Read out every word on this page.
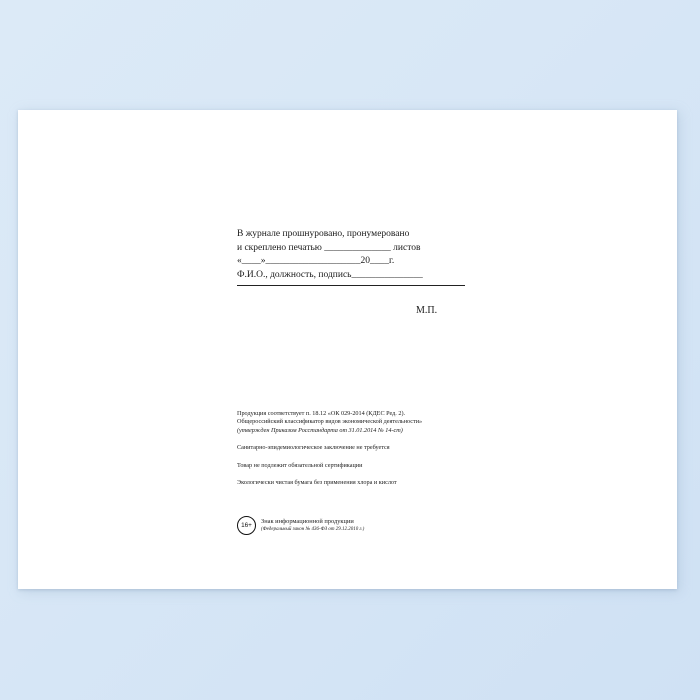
В журнале прошнуровано, пронумеровано
и скреплено печатью ______________ листов
«____»____________________20____г.
Ф.И.О., должность, подпись_______________
М.П.

Продукция соответствует п. 18.12 «ОК 029-2014 (КДЕС Ред. 2).
Общероссийский классификатор видов экономической деятельности»
(утвержден Приказом Росстандарта от 31.01.2014 № 14-ст)

Санитарно-эпидемиологическое заключение не требуется

Товар не подлежит обязательной сертификации

Экологически чистая бумага без применения хлора и кислот

16+
Знак информационной продукции
(Федеральный закон № 436-ФЗ от 29.12.2010 г.)
